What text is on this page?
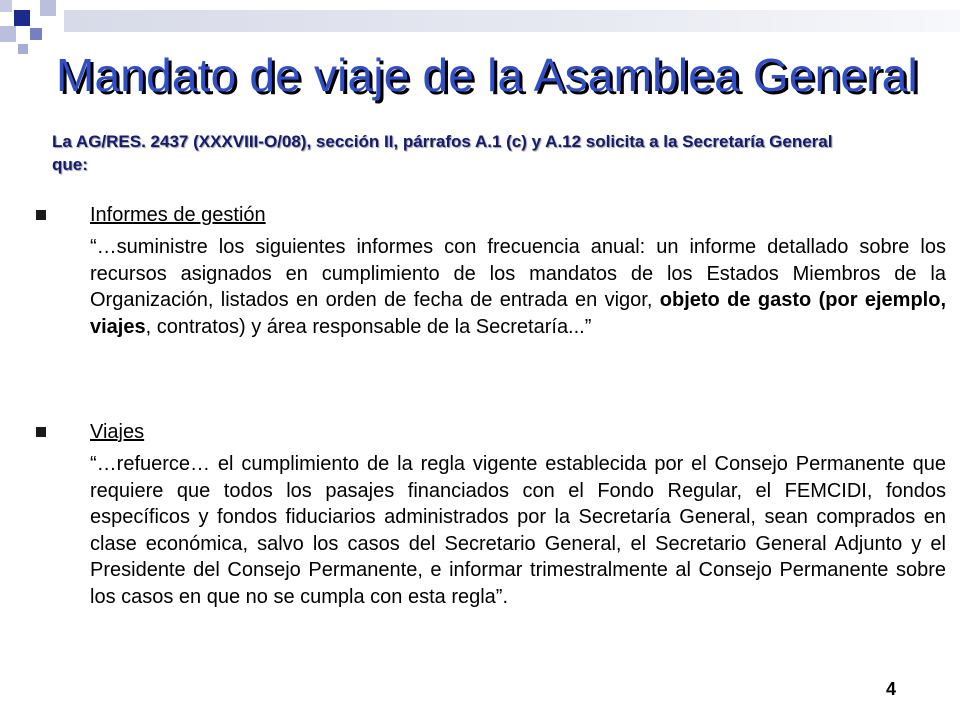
Mandato de viaje de la Asamblea General

La AG/RES. 2437 (XXXVIII-O/08), sección II, párrafos A.1 (c) y A.12 solicita a la Secretaría General que:

Informes de gestión

“…suministre los siguientes informes con frecuencia anual: un informe detallado sobre los recursos asignados en cumplimiento de los mandatos de los Estados Miembros de la Organización, listados en orden de fecha de entrada en vigor, objeto de gasto (por ejemplo, viajes, contratos) y área responsable de la Secretaría...”

Viajes

“…refuerce… el cumplimiento de la regla vigente establecida por el Consejo Permanente que requiere que todos los pasajes financiados con el Fondo Regular, el FEMCIDI, fondos específicos y fondos fiduciarios administrados por la Secretaría General, sean comprados en clase económica, salvo los casos del Secretario General, el Secretario General Adjunto y el Presidente del Consejo Permanente, e informar trimestralmente al Consejo Permanente sobre los casos en que no se cumpla con esta regla”.

4
